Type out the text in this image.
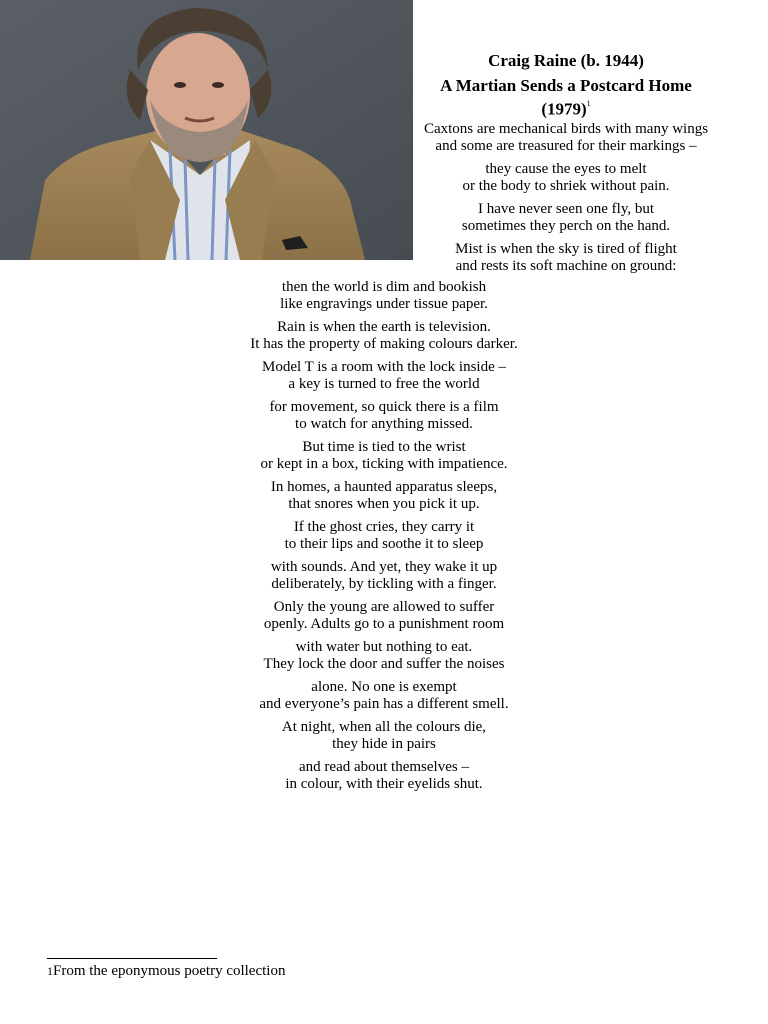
Craig Raine (b. 1944)
A Martian Sends a Postcard Home (1979)$^1$
Caxtons are mechanical birds with many wings
and some are treasured for their markings –
they cause the eyes to melt
or the body to shriek without pain.
I have never seen one fly, but
sometimes they perch on the hand.
Mist is when the sky is tired of flight
and rests its soft machine on ground:
then the world is dim and bookish
like engravings under tissue paper.
Rain is when the earth is television.
It has the property of making colours darker.
Model T is a room with the lock inside –
a key is turned to free the world
for movement, so quick there is a film
to watch for anything missed.
But time is tied to the wrist
or kept in a box, ticking with impatience.
In homes, a haunted apparatus sleeps,
that snores when you pick it up.
If the ghost cries, they carry it
to their lips and soothe it to sleep
with sounds. And yet, they wake it up
deliberately, by tickling with a finger.
Only the young are allowed to suffer
openly. Adults go to a punishment room
with water but nothing to eat.
They lock the door and suffer the noises
alone. No one is exempt
and everyone’s pain has a different smell.
At night, when all the colours die,
they hide in pairs
and read about themselves –
in colour, with their eyelids shut.
1From the eponymous poetry collection
